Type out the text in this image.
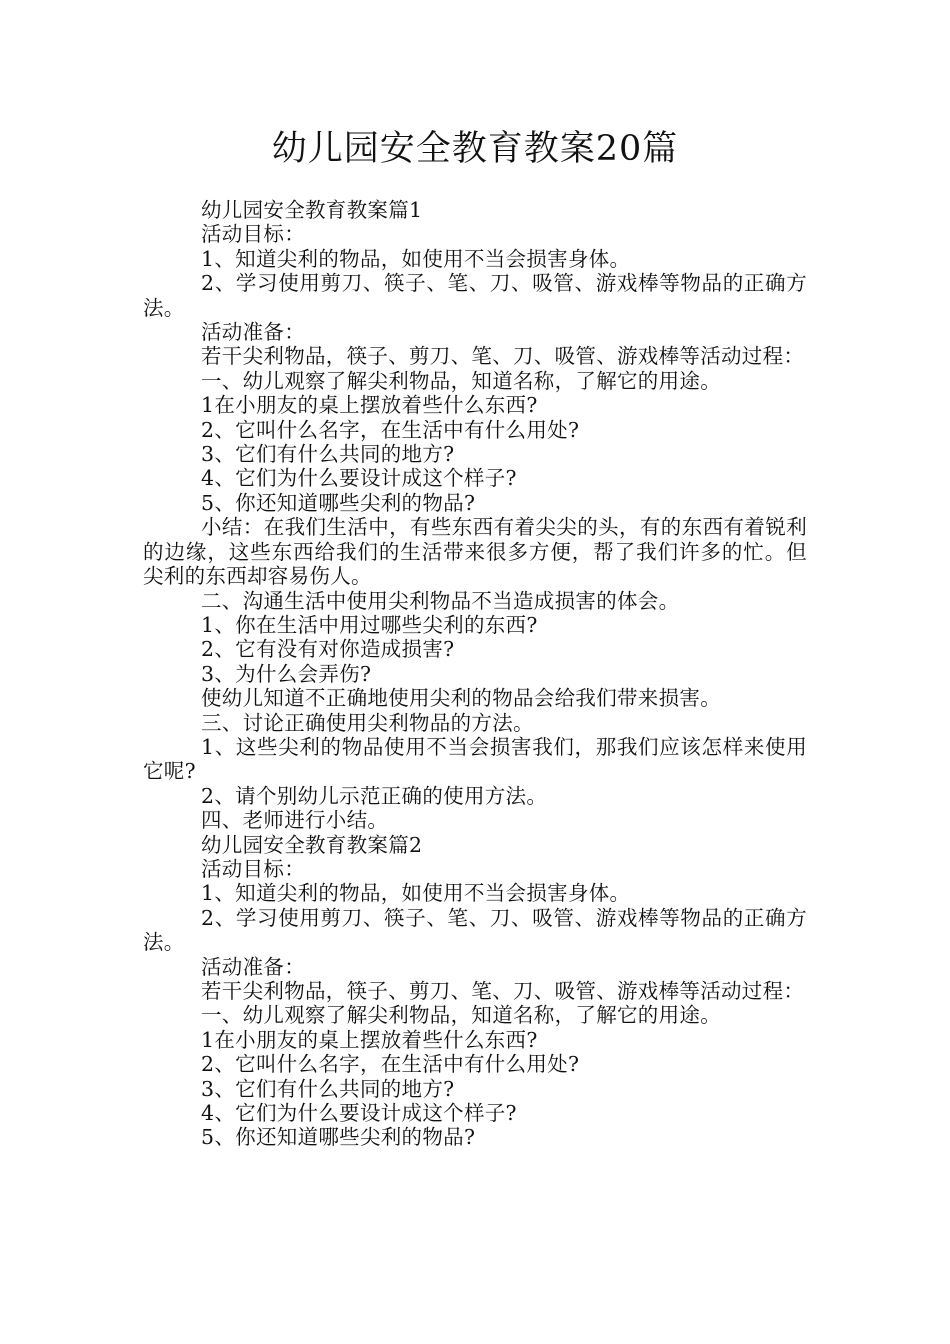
幼儿园安全教育教案20篇

幼儿园安全教育教案篇1

活动目标：

1、知道尖利的物品，如使用不当会损害身体。

2、学习使用剪刀、筷子、笔、刀、吸管、游戏棒等物品的正确方法。

活动准备：

若干尖利物品，筷子、剪刀、笔、刀、吸管、游戏棒等活动过程：

一、幼儿观察了解尖利物品，知道名称，了解它的用途。

1在小朋友的桌上摆放着些什么东西?

2、它叫什么名字，在生活中有什么用处?

3、它们有什么共同的地方?

4、它们为什么要设计成这个样子?

5、你还知道哪些尖利的物品?

小结：在我们生活中，有些东西有着尖尖的头，有的东西有着锐利的边缘，这些东西给我们的生活带来很多方便，帮了我们许多的忙。但尖利的东西却容易伤人。

二、沟通生活中使用尖利物品不当造成损害的体会。

1、你在生活中用过哪些尖利的东西?

2、它有没有对你造成损害?

3、为什么会弄伤?

使幼儿知道不正确地使用尖利的物品会给我们带来损害。

三、讨论正确使用尖利物品的方法。

1、这些尖利的物品使用不当会损害我们，那我们应该怎样来使用它呢?

2、请个别幼儿示范正确的使用方法。

四、老师进行小结。

幼儿园安全教育教案篇2

活动目标：

1、知道尖利的物品，如使用不当会损害身体。

2、学习使用剪刀、筷子、笔、刀、吸管、游戏棒等物品的正确方法。

活动准备：

若干尖利物品，筷子、剪刀、笔、刀、吸管、游戏棒等活动过程：

一、幼儿观察了解尖利物品，知道名称，了解它的用途。

1在小朋友的桌上摆放着些什么东西?

2、它叫什么名字，在生活中有什么用处?

3、它们有什么共同的地方?

4、它们为什么要设计成这个样子?

5、你还知道哪些尖利的物品?
